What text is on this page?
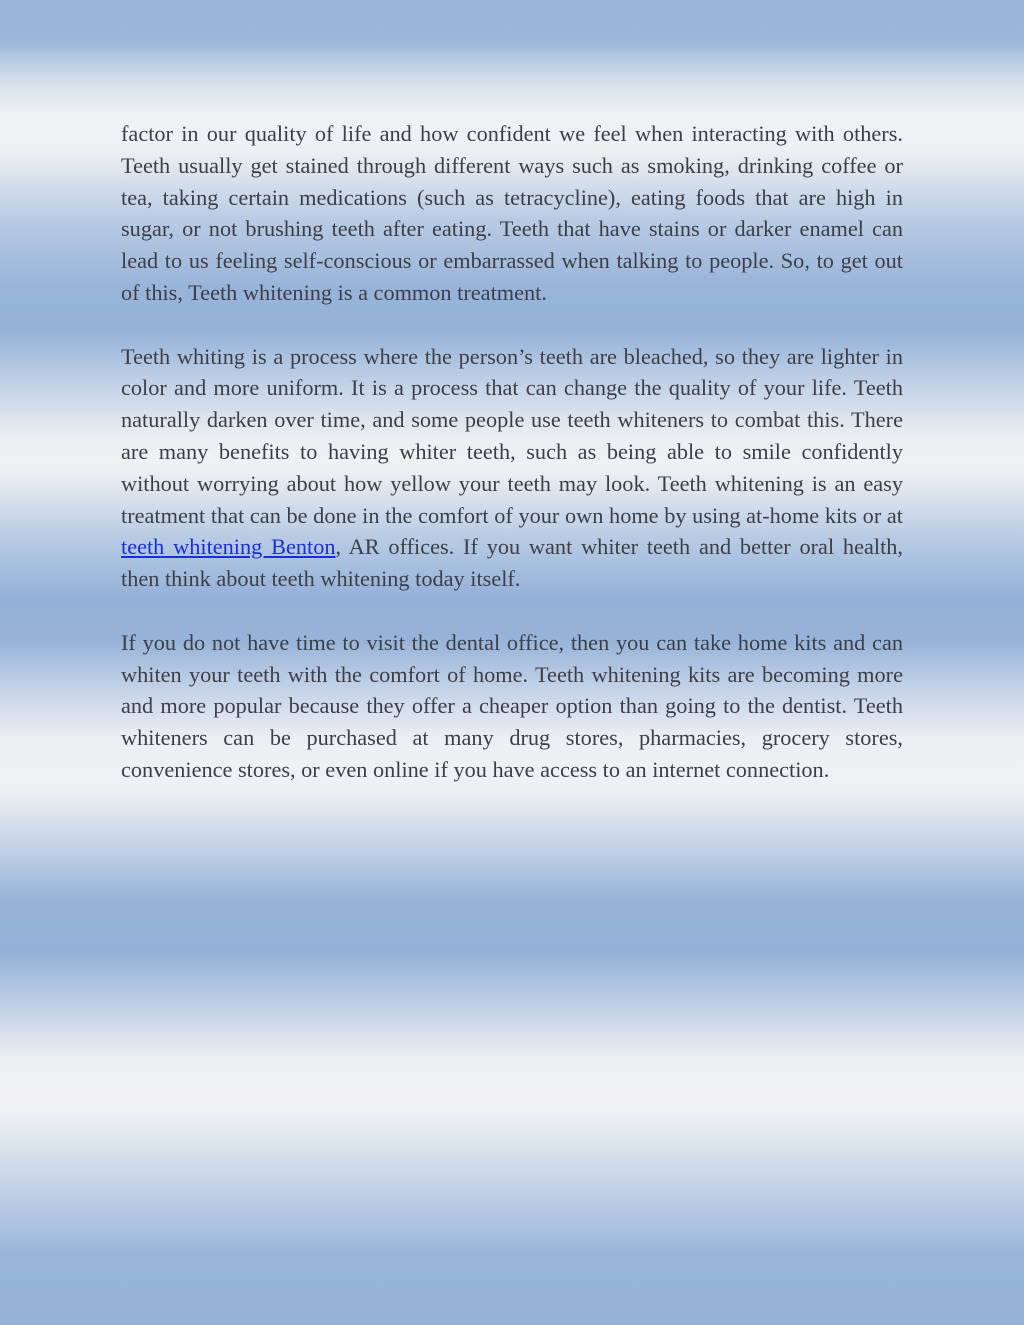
factor in our quality of life and how confident we feel when interacting with others. Teeth usually get stained through different ways such as smoking, drinking coffee or tea, taking certain medications (such as tetracycline), eating foods that are high in sugar, or not brushing teeth after eating. Teeth that have stains or darker enamel can lead to us feeling self-conscious or embarrassed when talking to people. So, to get out of this, Teeth whitening is a common treatment.

Teeth whiting is a process where the person’s teeth are bleached, so they are lighter in color and more uniform. It is a process that can change the quality of your life. Teeth naturally darken over time, and some people use teeth whiteners to combat this. There are many benefits to having whiter teeth, such as being able to smile confidently without worrying about how yellow your teeth may look. Teeth whitening is an easy treatment that can be done in the comfort of your own home by using at-home kits or at teeth whitening Benton, AR offices. If you want whiter teeth and better oral health, then think about teeth whitening today itself.

If you do not have time to visit the dental office, then you can take home kits and can whiten your teeth with the comfort of home. Teeth whitening kits are becoming more and more popular because they offer a cheaper option than going to the dentist. Teeth whiteners can be purchased at many drug stores, pharmacies, grocery stores, convenience stores, or even online if you have access to an internet connection.
